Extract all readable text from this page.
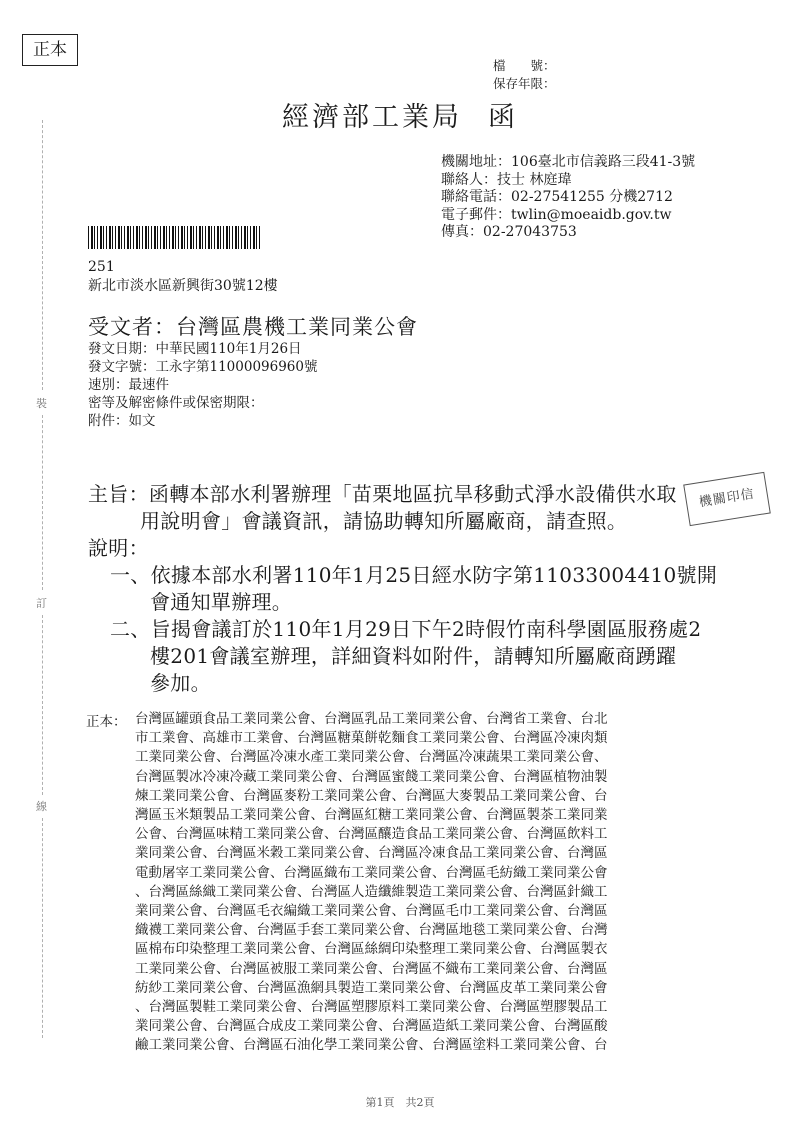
正本
檔　　號：
保存年限：
經濟部工業局 函
機關地址：106臺北市信義路三段41-3號
聯絡人：技士 林庭瑋
聯絡電話：02-27541255 分機2712
電子郵件：twlin@moeaidb.gov.tw
傳真：02-27043753
251
新北市淡水區新興街30號12樓
受文者：台灣區農機工業同業公會
發文日期：中華民國110年1月26日
發文字號：工永字第11000096960號
速別：最速件
密等及解密條件或保密期限：
附件：如文
裝
訂
線
主旨：函轉本部水利署辦理「苗栗地區抗旱移動式淨水設備供水取
用說明會」會議資訊，請協助轉知所屬廠商，請查照。
機關印信
說明：
一、依據本部水利署110年1月25日經水防字第11033004410號開
會通知單辦理。
二、旨揭會議訂於110年1月29日下午2時假竹南科學園區服務處2
樓201會議室辦理，詳細資料如附件，請轉知所屬廠商踴躍
參加。
正本： 台灣區罐頭食品工業同業公會、台灣區乳品工業同業公會、台灣省工業會、台北
市工業會、高雄市工業會、台灣區糖菓餅乾麵食工業同業公會、台灣區冷凍肉類
工業同業公會、台灣區冷凍水產工業同業公會、台灣區冷凍蔬果工業同業公會、
台灣區製冰冷凍冷藏工業同業公會、台灣區蜜餞工業同業公會、台灣區植物油製
煉工業同業公會、台灣區麥粉工業同業公會、台灣區大麥製品工業同業公會、台
灣區玉米類製品工業同業公會、台灣區紅糖工業同業公會、台灣區製茶工業同業
公會、台灣區味精工業同業公會、台灣區釀造食品工業同業公會、台灣區飲料工
業同業公會、台灣區米穀工業同業公會、台灣區冷凍食品工業同業公會、台灣區
電動屠宰工業同業公會、台灣區織布工業同業公會、台灣區毛紡織工業同業公會
、台灣區絲織工業同業公會、台灣區人造纖維製造工業同業公會、台灣區針織工
業同業公會、台灣區毛衣編織工業同業公會、台灣區毛巾工業同業公會、台灣區
織襪工業同業公會、台灣區手套工業同業公會、台灣區地毯工業同業公會、台灣
區棉布印染整理工業同業公會、台灣區絲綢印染整理工業同業公會、台灣區製衣
工業同業公會、台灣區被服工業同業公會、台灣區不織布工業同業公會、台灣區
紡紗工業同業公會、台灣區漁網具製造工業同業公會、台灣區皮革工業同業公會
、台灣區製鞋工業同業公會、台灣區塑膠原料工業同業公會、台灣區塑膠製品工
業同業公會、台灣區合成皮工業同業公會、台灣區造紙工業同業公會、台灣區酸
鹼工業同業公會、台灣區石油化學工業同業公會、台灣區塗料工業同業公會、台
第1頁　共2頁
